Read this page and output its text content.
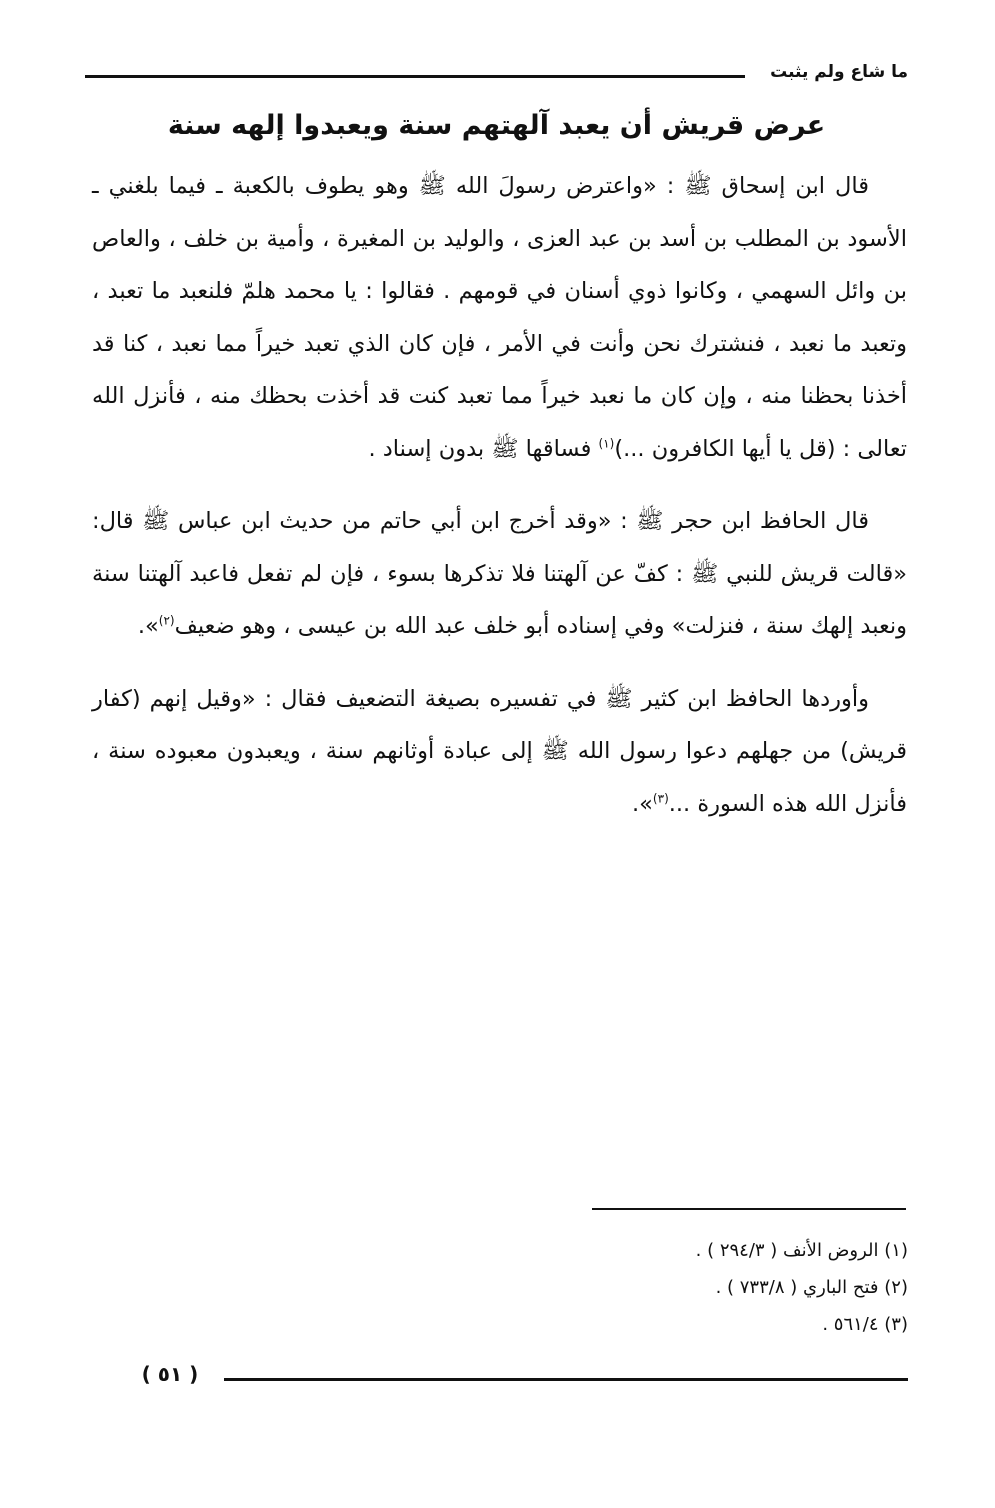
ما شاع ولم يثبت
عرض قريش أن يعبد آلهتهم سنة ويعبدوا إلهه سنة

قال ابن إسحاق ﷺ : «واعترض رسولَ الله ﷺ وهو يطوف بالكعبة ـ فيما بلغني ـ الأسود بن المطلب بن أسد بن عبد العزى ، والوليد بن المغيرة ، وأمية بن خلف ، والعاص بن وائل السهمي ، وكانوا ذوي أسنان في قومهم . فقالوا : يا محمد هلمّ فلنعبد ما تعبد ، وتعبد ما نعبد ، فنشترك نحن وأنت في الأمر ، فإن كان الذي تعبد خيراً مما نعبد ، كنا قد أخذنا بحظنا منه ، وإن كان ما نعبد خيراً مما تعبد كنت قد أخذت بحظك منه ، فأنزل الله تعالى : (قل يا أيها الكافرون ...)$^{(١)}$ فساقها ﷺ بدون إسناد .

قال الحافظ ابن حجر ﷺ : «وقد أخرج ابن أبي حاتم من حديث ابن عباس ﷺ قال: «قالت قريش للنبي ﷺ : كفّ عن آلهتنا فلا تذكرها بسوء ، فإن لم تفعل فاعبد آلهتنا سنة ونعبد إلهك سنة ، فنزلت» وفي إسناده أبو خلف عبد الله بن عيسى ، وهو ضعيف$^{(٢)}$».

وأوردها الحافظ ابن كثير ﷺ في تفسيره بصيغة التضعيف فقال : «وقيل إنهم (كفار قريش) من جهلهم دعوا رسول الله ﷺ إلى عبادة أوثانهم سنة ، ويعبدون معبوده سنة ، فأنزل الله هذه السورة ...$^{(٣)}$».

(١) الروض الأنف ( ٢٩٤/٣ ) .
(٢) فتح الباري ( ٧٣٣/٨ ) .
(٣) ٥٦١/٤ .
( ٥١ )
